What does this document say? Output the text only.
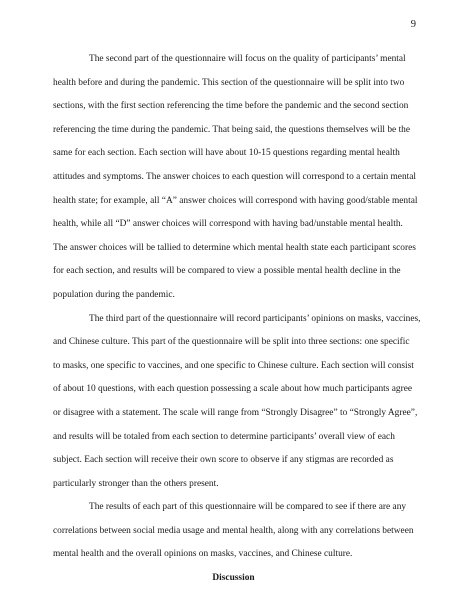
9

The second part of the questionnaire will focus on the quality of participants’ mental
health before and during the pandemic. This section of the questionnaire will be split into two
sections, with the first section referencing the time before the pandemic and the second section
referencing the time during the pandemic. That being said, the questions themselves will be the
same for each section. Each section will have about 10-15 questions regarding mental health
attitudes and symptoms. The answer choices to each question will correspond to a certain mental
health state; for example, all “A” answer choices will correspond with having good/stable mental
health, while all “D” answer choices will correspond with having bad/unstable mental health.
The answer choices will be tallied to determine which mental health state each participant scores
for each section, and results will be compared to view a possible mental health decline in the
population during the pandemic.

The third part of the questionnaire will record participants’ opinions on masks, vaccines,
and Chinese culture. This part of the questionnaire will be split into three sections: one specific
to masks, one specific to vaccines, and one specific to Chinese culture. Each section will consist
of about 10 questions, with each question possessing a scale about how much participants agree
or disagree with a statement. The scale will range from “Strongly Disagree” to “Strongly Agree”,
and results will be totaled from each section to determine participants’ overall view of each
subject. Each section will receive their own score to observe if any stigmas are recorded as
particularly stronger than the others present.

The results of each part of this questionnaire will be compared to see if there are any
correlations between social media usage and mental health, along with any correlations between
mental health and the overall opinions on masks, vaccines, and Chinese culture.

Discussion
